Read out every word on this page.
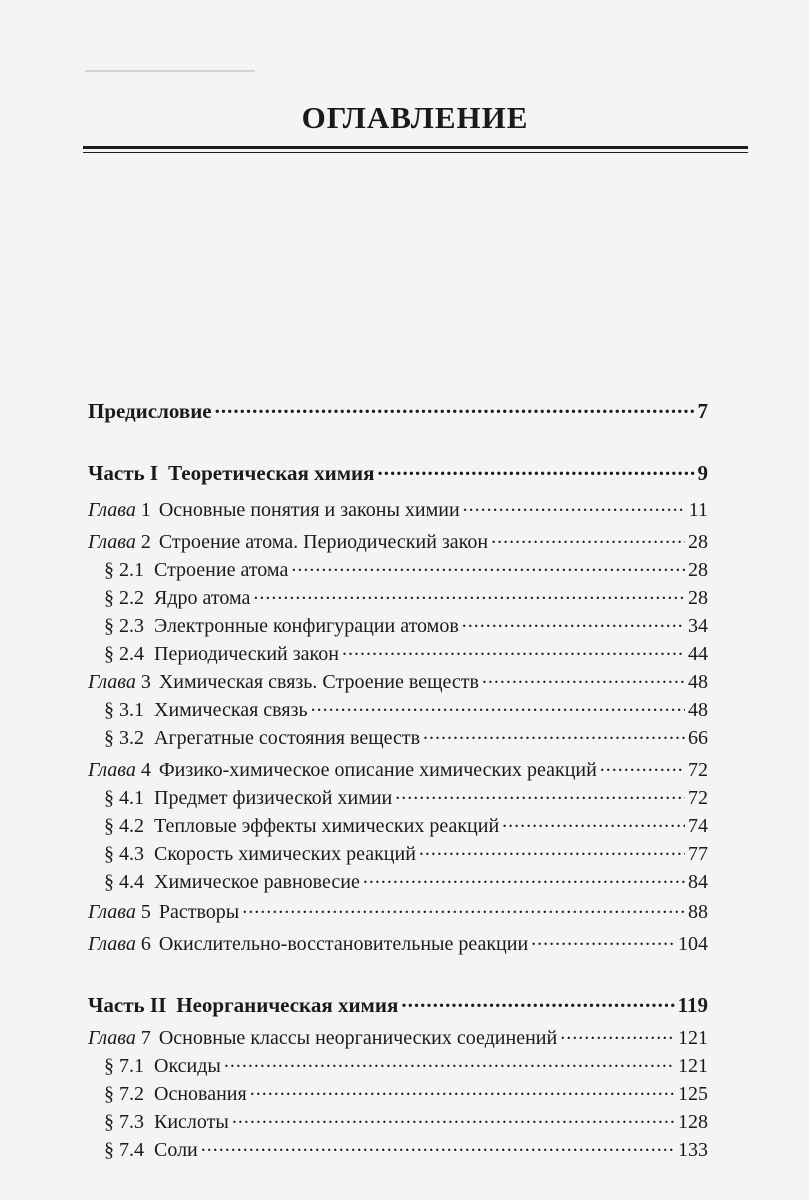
ОГЛАВЛЕНИЕ
Предисловие .....	7
Часть I Теоретическая химия .....	9
Глава 1 Основные понятия и законы химии .....	11
Глава 2 Строение атома. Периодический закон .....	28
§ 2.1 Строение атома .....	28
§ 2.2 Ядро атома .....	28
§ 2.3 Электронные конфигурации атомов .....	34
§ 2.4 Периодический закон .....	44
Глава 3 Химическая связь. Строение веществ .....	48
§ 3.1 Химическая связь .....	48
§ 3.2 Агрегатные состояния веществ .....	66
Глава 4 Физико-химическое описание химических реакций .....	72
§ 4.1 Предмет физической химии .....	72
§ 4.2 Тепловые эффекты химических реакций .....	74
§ 4.3 Скорость химических реакций .....	77
§ 4.4 Химическое равновесие .....	84
Глава 5 Растворы .....	88
Глава 6 Окислительно-восстановительные реакции .....	104
Часть II Неорганическая химия .....	119
Глава 7 Основные классы неорганических соединений .....	121
§ 7.1 Оксиды .....	121
§ 7.2 Основания .....	125
§ 7.3 Кислоты .....	128
§ 7.4 Соли .....	133
